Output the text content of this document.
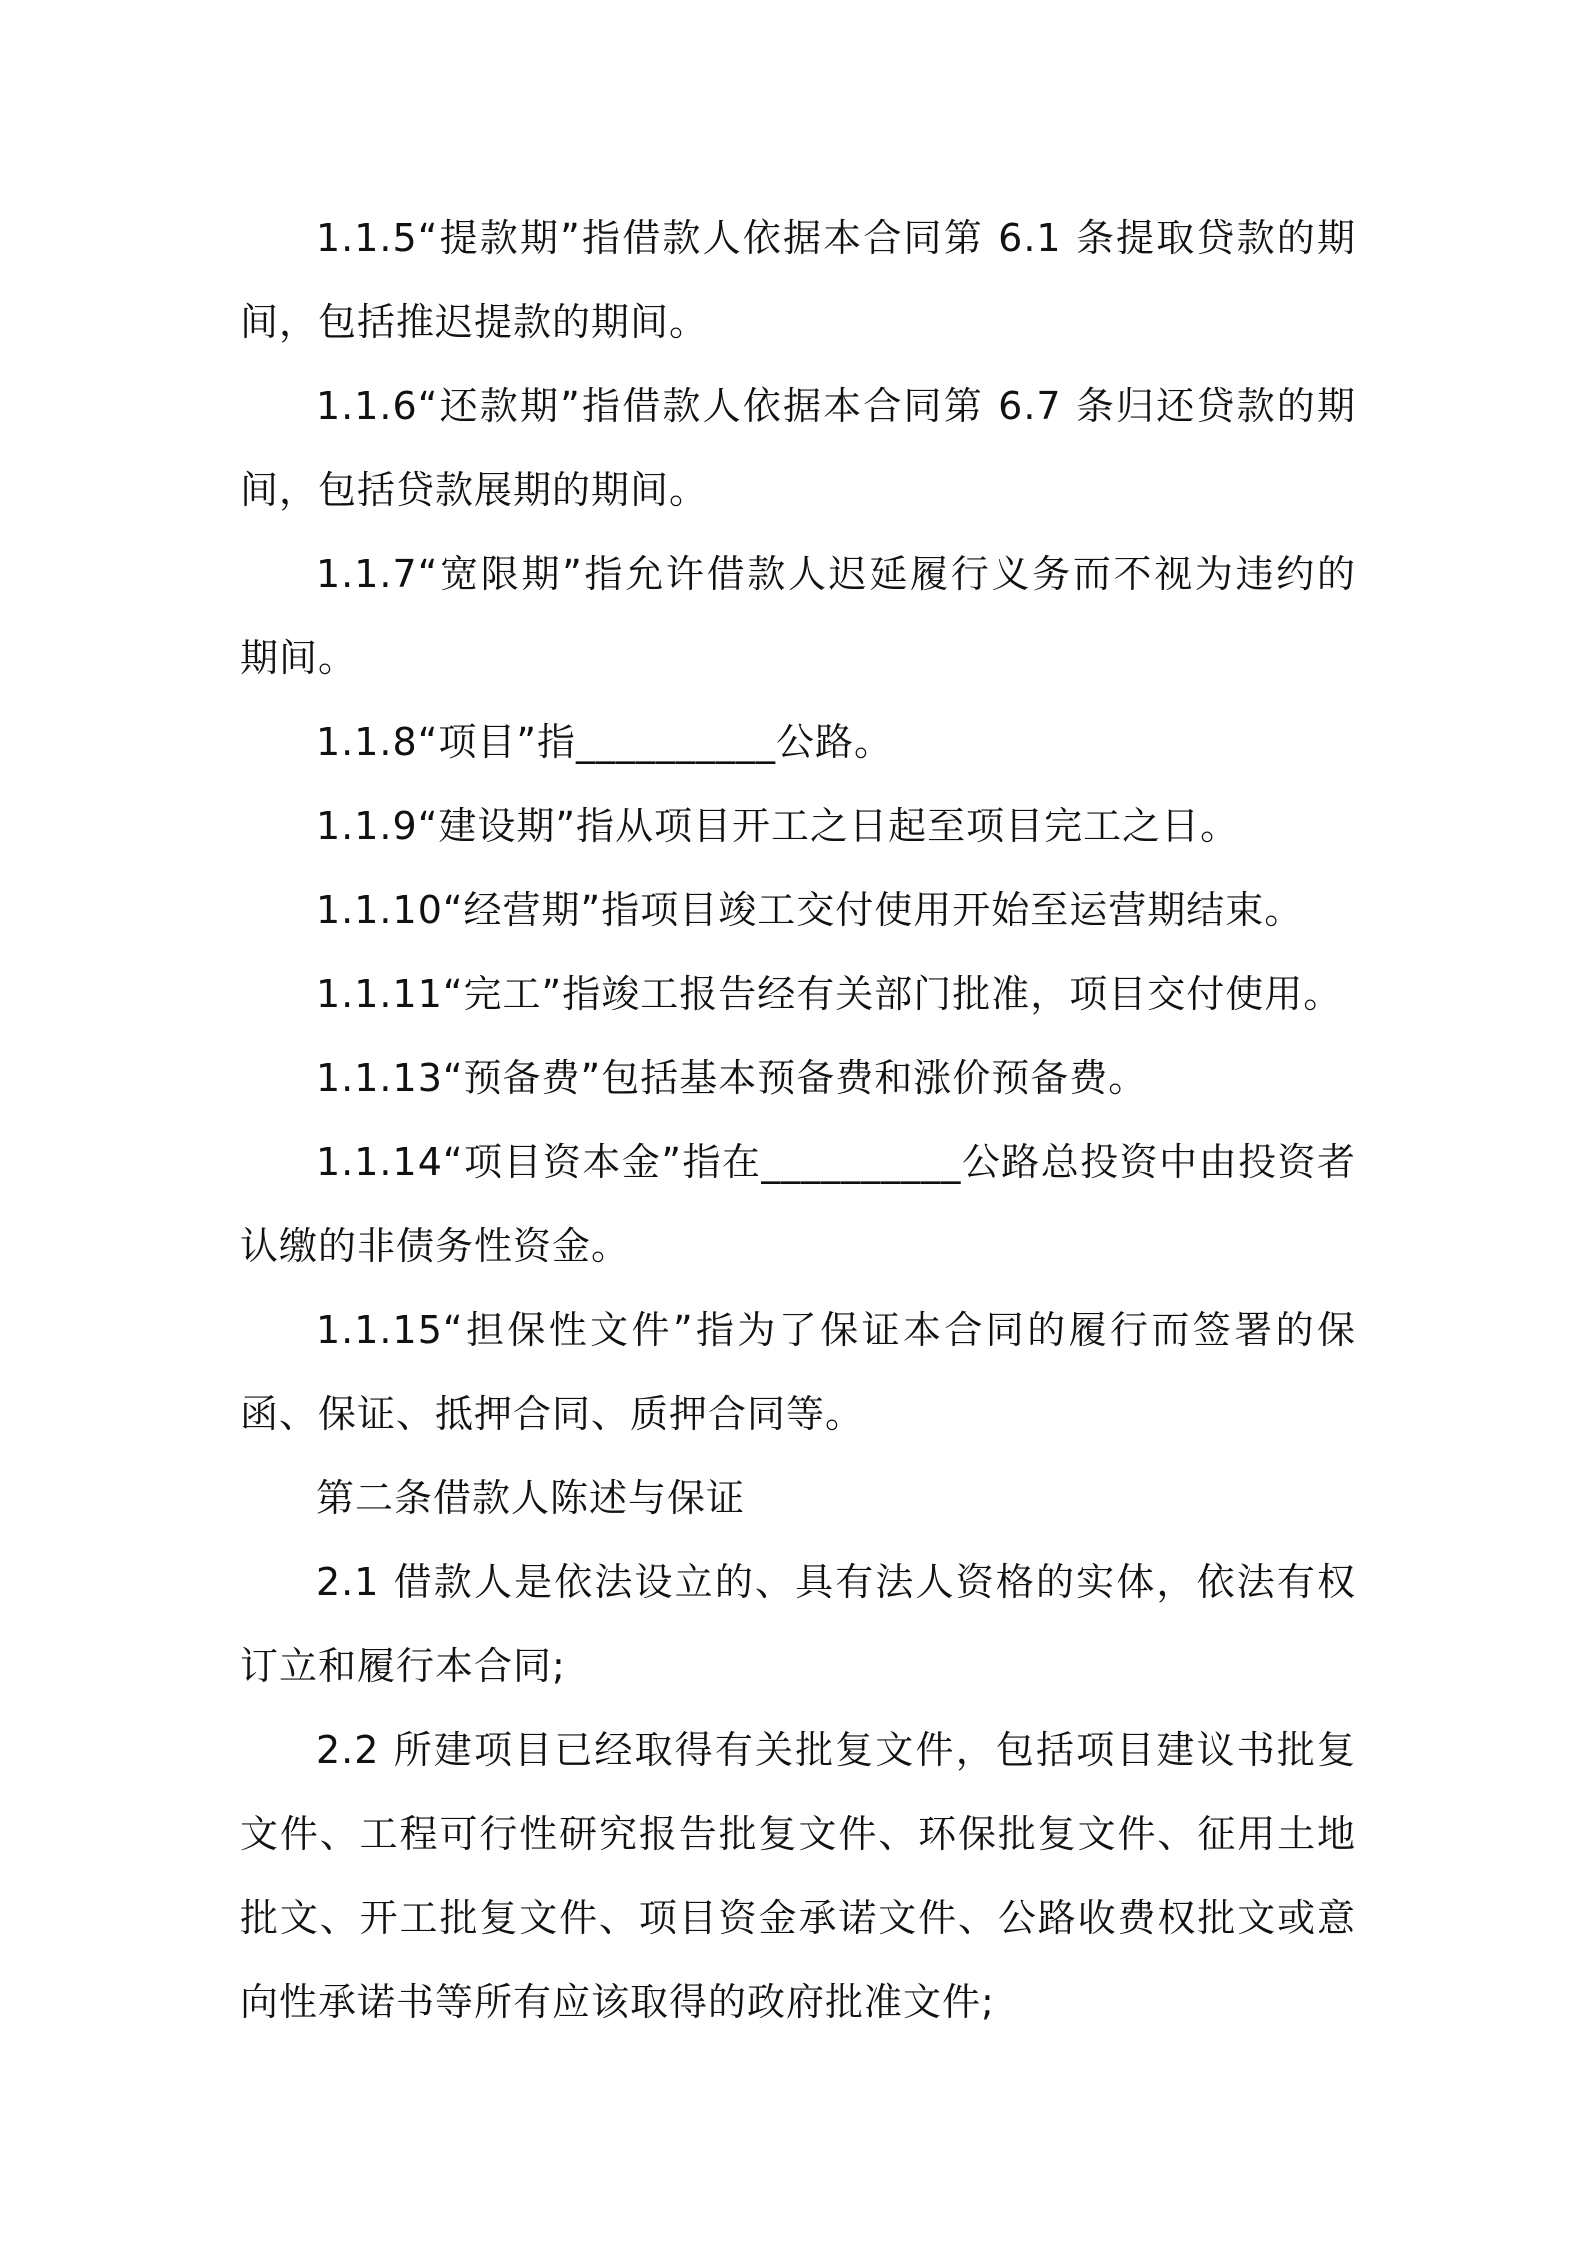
1.1.5“提款期”指借款人依据本合同第 6.1 条提取贷款的期间，包括推迟提款的期间。

1.1.6“还款期”指借款人依据本合同第 6.7 条归还贷款的期间，包括贷款展期的期间。

1.1.7“宽限期”指允许借款人迟延履行义务而不视为违约的期间。

1.1.8“项目”指__________公路。

1.1.9“建设期”指从项目开工之日起至项目完工之日。

1.1.10“经营期”指项目竣工交付使用开始至运营期结束。

1.1.11“完工”指竣工报告经有关部门批准，项目交付使用。

1.1.13“预备费”包括基本预备费和涨价预备费。

1.1.14“项目资本金”指在__________公路总投资中由投资者认缴的非债务性资金。

1.1.15“担保性文件”指为了保证本合同的履行而签署的保函、保证、抵押合同、质押合同等。

第二条借款人陈述与保证

2.1 借款人是依法设立的、具有法人资格的实体，依法有权订立和履行本合同;

2.2 所建项目已经取得有关批复文件，包括项目建议书批复文件、工程可行性研究报告批复文件、环保批复文件、征用土地批文、开工批复文件、项目资金承诺文件、公路收费权批文或意向性承诺书等所有应该取得的政府批准文件;
